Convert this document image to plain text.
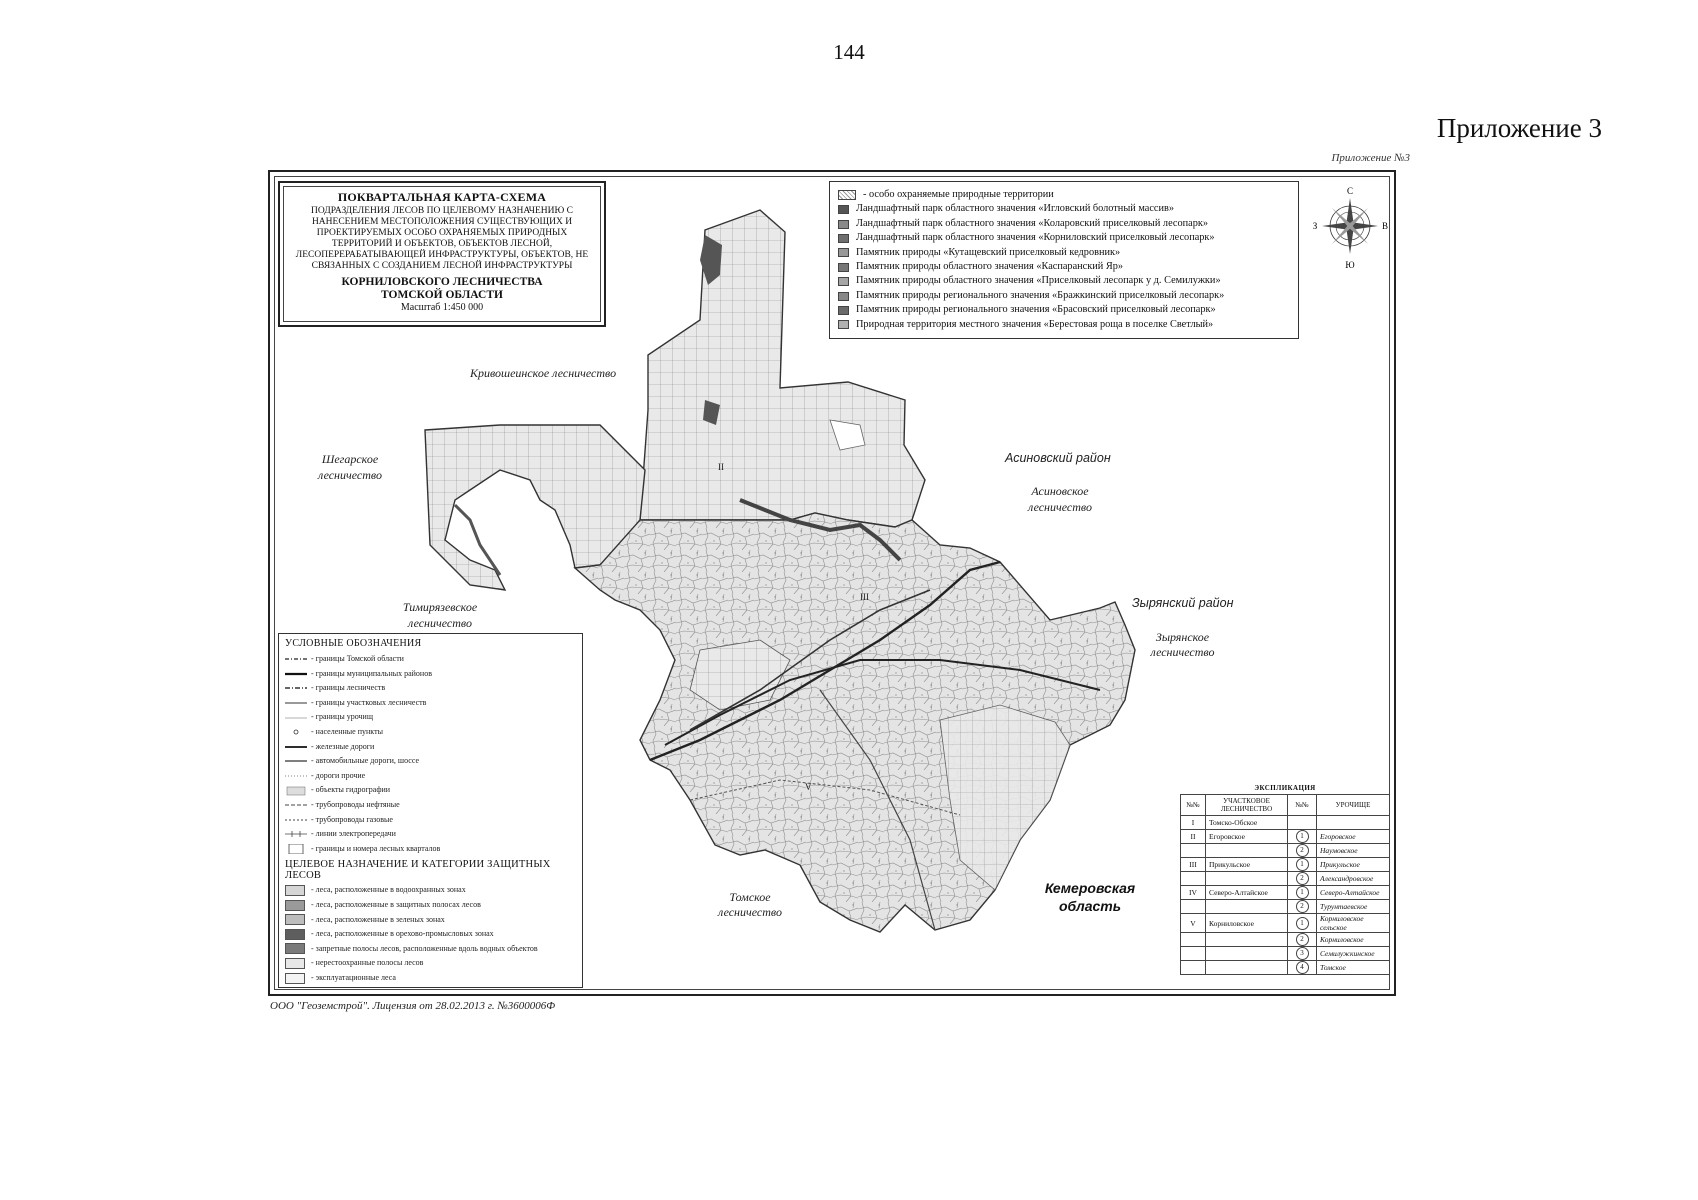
144
Приложение 3
Приложение №3
II
III
V
ПОКВАРТАЛЬНАЯ КАРТА-СХЕМА
ПОДРАЗДЕЛЕНИЯ ЛЕСОВ ПО ЦЕЛЕВОМУ НАЗНАЧЕНИЮ С НАНЕСЕНИЕМ МЕСТОПОЛОЖЕНИЯ СУЩЕСТВУЮЩИХ И ПРОЕКТИРУЕМЫХ ОСОБО ОХРАНЯЕМЫХ ПРИРОДНЫХ ТЕРРИТОРИЙ И ОБЪЕКТОВ, ОБЪЕКТОВ ЛЕСНОЙ, ЛЕСОПЕРЕРАБАТЫВАЮЩЕЙ ИНФРАСТРУКТУРЫ, ОБЪЕКТОВ, НЕ СВЯЗАННЫХ С СОЗДАНИЕМ ЛЕСНОЙ ИНФРАСТРУКТУРЫ
КОРНИЛОВСКОГО ЛЕСНИЧЕСТВА
ТОМСКОЙ ОБЛАСТИ
Масштаб 1:450 000
- особо охраняемые природные территории
Ландшафтный парк областного значения «Игловский болотный массив»
Ландшафтный парк областного значения «Коларовский приселковый лесопарк»
Ландшафтный парк областного значения «Корниловский приселковый лесопарк»
Памятник природы «Кутащевский приселковый кедровник»
Памятник природы областного значения «Каспаранский Яр»
Памятник природы областного значения «Приселковый лесопарк у д. Семилужки»
Памятник природы регионального значения «Бражкинский приселковый лесопарк»
Памятник природы регионального значения «Брасовский приселковый лесопарк»
Природная территория местного значения «Берестовая роща в поселке Светлый»
С
Ю
З	В
Кривошеинское лесничество
Шегарское
лесничество
Асиновский район
Асиновское
лесничество
Тимирязевское
лесничество
Зырянский район
Зырянское
лесничество
Томское
лесничество
Кемеровская
область
УСЛОВНЫЕ ОБОЗНАЧЕНИЯ
- границы Томской области
- границы муниципальных районов
- границы лесничеств
- границы участковых лесничеств
- границы урочищ
- населенные пункты
- железные дороги
- автомобильные дороги, шоссе
- дороги прочие
- объекты гидрографии
- трубопроводы нефтяные
- трубопроводы газовые
- линии электропередачи
- границы и номера лесных кварталов
ЦЕЛЕВОЕ НАЗНАЧЕНИЕ И КАТЕГОРИИ ЗАЩИТНЫХ ЛЕСОВ
- леса, расположенные в водоохранных зонах
- леса, расположенные в защитных полосах лесов
- леса, расположенные в зеленых зонах
- леса, расположенные в орехово-промысловых зонах
- запретные полосы лесов, расположенные вдоль водных объектов
- нерестоохранные полосы лесов
- эксплуатационные леса
ЭКСПЛИКАЦИЯ
№№	УЧАСТКОВОЕ ЛЕСНИЧЕСТВО	№№	УРОЧИЩЕ
I	Томско-Обское		
II	Егоровское	1	Егоровское
		2	Наумовское
III	Прикульское	1	Прикульское
		2	Александровское
IV	Северо-Алтайское	1	Северо-Алтайское
		2	Турунтаевское
V	Корниловское	1	Корниловское сельское
		2	Корниловское
		3	Семилужкинское
		4	Томское
ООО "Геоземстрой". Лицензия от 28.02.2013 г. №3600006Ф
